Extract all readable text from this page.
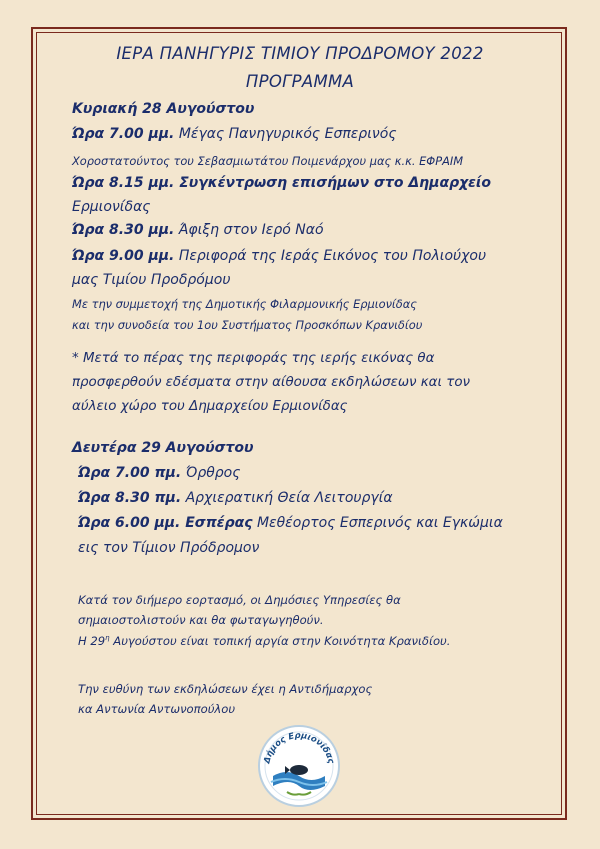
ΙΕΡΑ ΠΑΝΗΓΥΡΙΣ ΤΙΜΙΟΥ ΠΡΟΔΡΟΜΟΥ 2022
ΠΡΟΓΡΑΜΜΑ
Κυριακή 28 Αυγούστου
Ώρα 7.00 μμ. Μέγας Πανηγυρικός Εσπερινός
Χοροστατούντος του Σεβασμιωτάτου Ποιμενάρχου μας κ.κ. ΕΦΡΑΙΜ
Ώρα 8.15 μμ. Συγκέντρωση επισήμων στο Δημαρχείο
Ερμιονίδας
Ώρα 8.30 μμ. Άφιξη στον Ιερό Ναό
Ώρα 9.00 μμ. Περιφορά της Ιεράς Εικόνος του Πολιούχου
μας Τιμίου Προδρόμου
Με την συμμετοχή της Δημοτικής Φιλαρμονικής Ερμιονίδας
και την συνοδεία του 1ου Συστήματος Προσκόπων Κρανιδίου
* Μετά το πέρας της περιφοράς της ιερής εικόνας θα
προσφερθούν εδέσματα στην αίθουσα εκδηλώσεων και τον
αύλειο χώρο του Δημαρχείου Ερμιονίδας
Δευτέρα 29 Αυγούστου
Ώρα 7.00 πμ. Όρθρος
Ώρα 8.30 πμ. Αρχιερατική Θεία Λειτουργία
Ώρα 6.00 μμ. Εσπέρας Μεθέορτος Εσπερινός και Εγκώμια
εις τον Τίμιον Πρόδρομον
Κατά τον διήμερο εορτασμό, οι Δημόσιες Υπηρεσίες θα
σημαιοστολιστούν και θα φωταγωγηθούν.
Η $29^\eta$ Αυγούστου είναι τοπική αργία στην Κοινότητα Κρανιδίου.
Την ευθύνη των εκδηλώσεων έχει η Αντιδήμαρχος
κα Αντωνία Αντωνοπούλου
Δήμος Ερμιονίδας
